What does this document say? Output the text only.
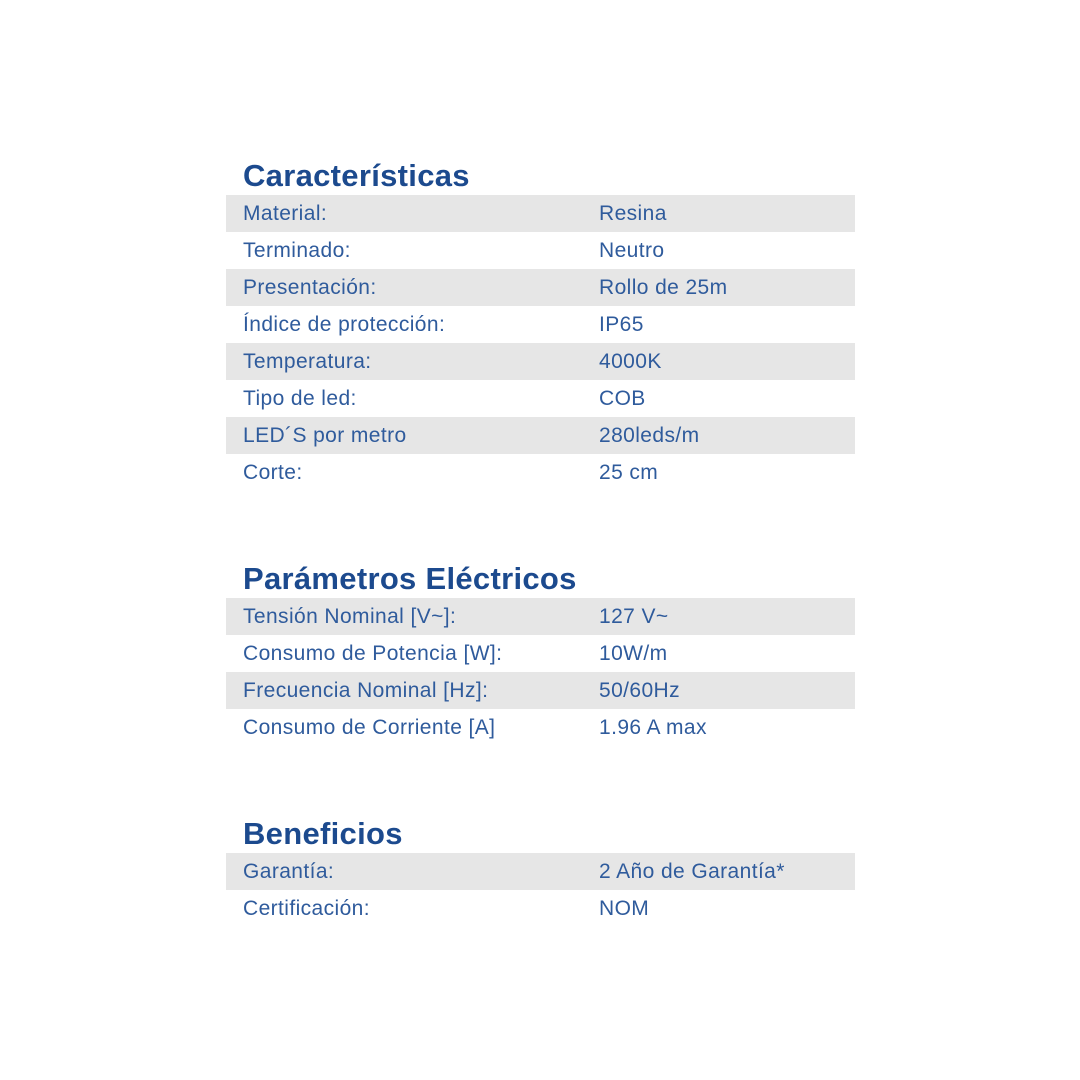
Características
Material:	Resina
Terminado:	Neutro
Presentación:	Rollo de 25m
Índice de protección:	IP65
Temperatura:	4000K
Tipo de led:	COB
LED´S por metro	280leds/m
Corte:	25 cm
Parámetros Eléctricos
Tensión Nominal [V~]:	127 V~
Consumo de Potencia [W]:	10W/m
Frecuencia Nominal [Hz]:	50/60Hz
Consumo de Corriente [A]	1.96 A max
Beneficios
Garantía:	2 Año de Garantía*
Certificación:	NOM
